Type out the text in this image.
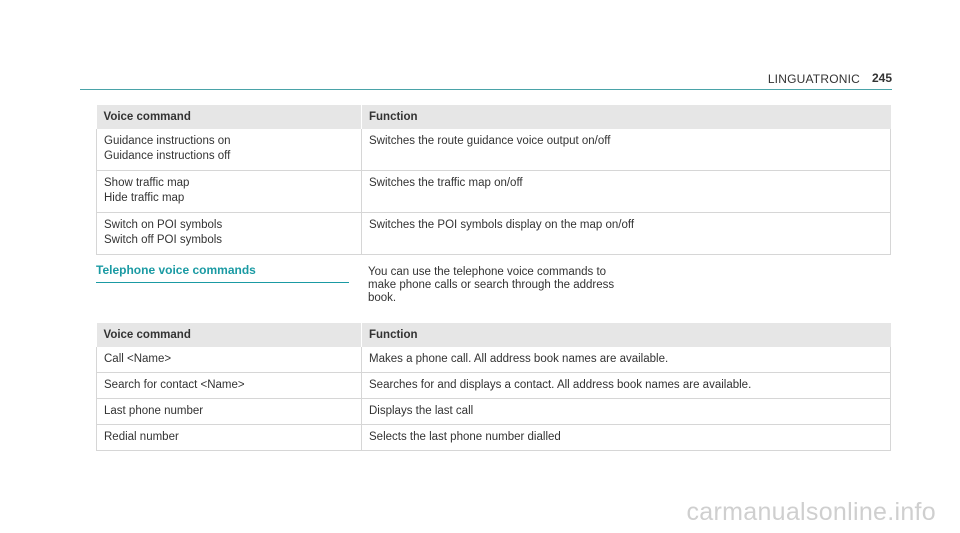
LINGUATRONIC 245
Voice command	Function

Guidance instructions on
Guidance instructions off	Switches the route guidance voice output on/off

Show traffic map
Hide traffic map	Switches the traffic map on/off

Switch on POI symbols
Switch off POI symbols	Switches the POI symbols display on the map on/off
Telephone voice commands	You can use the telephone voice commands to make phone calls or search through the address book.
Voice command	Function
Call <Name>	Makes a phone call. All address book names are available.
Search for contact <Name>	Searches for and displays a contact. All address book names are available.
Last phone number	Displays the last call
Redial number	Selects the last phone number dialled
carmanualsonline.info
